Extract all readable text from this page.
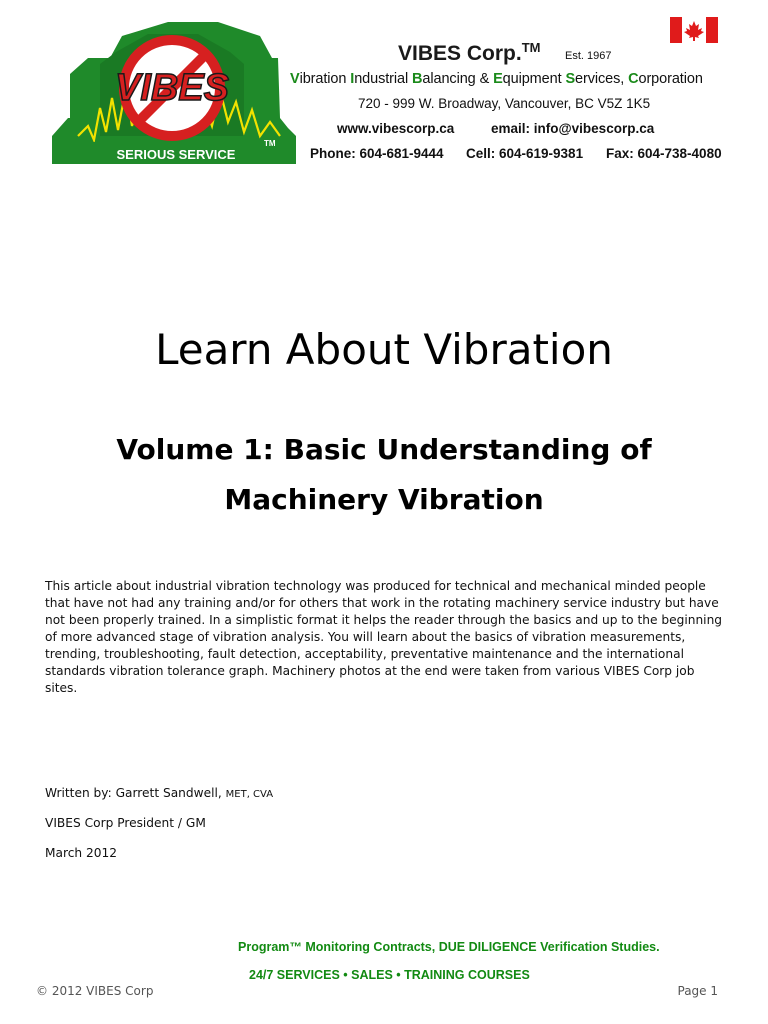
VIBES
SERIOUS SERVICE
TM
VIBES Corp.™
Est. 1967
Vibration Industrial Balancing & Equipment Services, Corporation
720 - 999 W. Broadway, Vancouver, BC V5Z 1K5
www.vibescorp.ca	email: info@vibescorp.ca
Phone: 604-681-9444 Cell: 604-619-9381 Fax: 604-738-4080
Learn About Vibration
Volume 1: Basic Understanding of
Machinery Vibration

This article about industrial vibration technology was produced for technical and mechanical minded people that have not had any training and/or for others that work in the rotating machinery service industry but have not been properly trained. In a simplistic format it helps the reader through the basics and up to the beginning of more advanced stage of vibration analysis. You will learn about the basics of vibration measurements, trending, troubleshooting, fault detection, acceptability, preventative maintenance and the international standards vibration tolerance graph. Machinery photos at the end were taken from various VIBES Corp job sites.

Written by: Garrett Sandwell, MET, CVA
VIBES Corp President / GM
March 2012
Program™ Monitoring Contracts, DUE DILIGENCE Verification Studies.
24/7 SERVICES • SALES • TRAINING COURSES
© 2012 VIBES Corp	Page 1
